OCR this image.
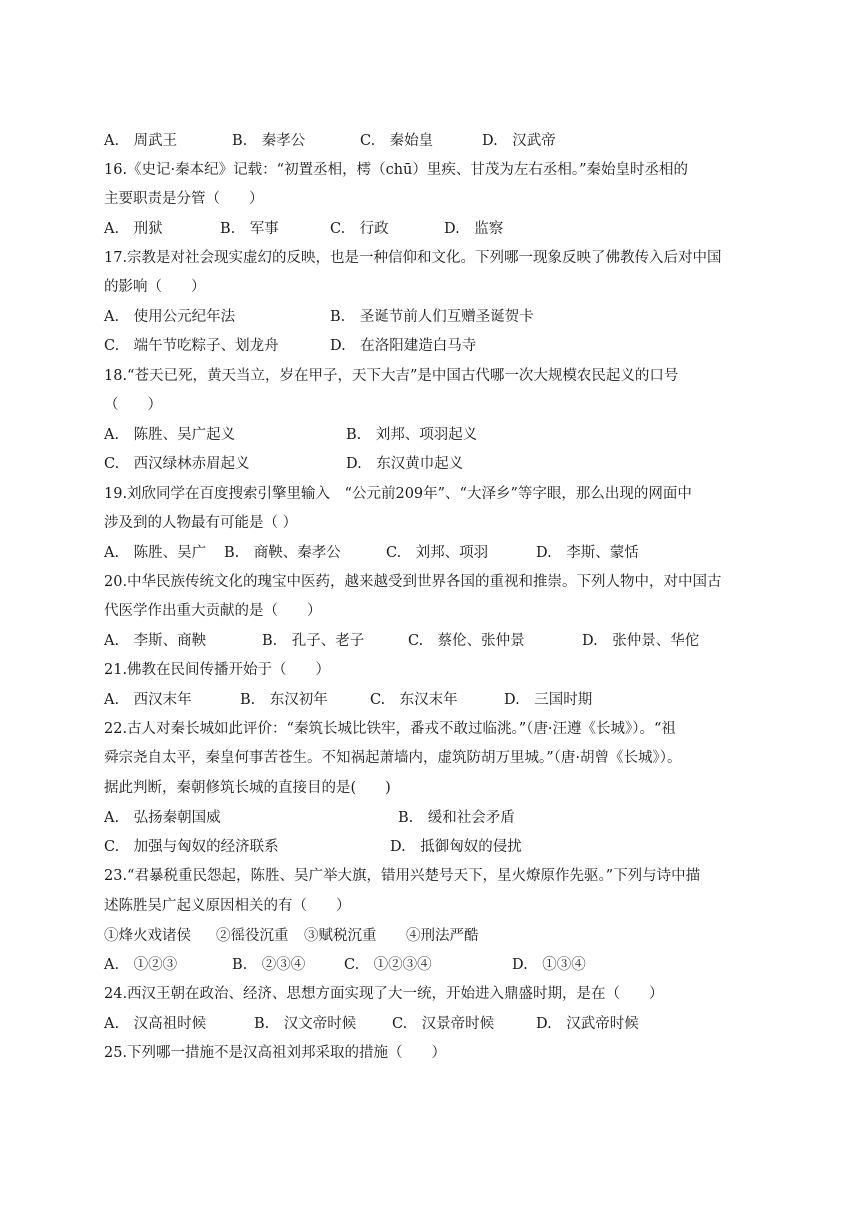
A.　周武王	B.　秦孝公	C.　秦始皇	D.　汉武帝
16.《史记·秦本纪》记载：“初置丞相，樗（chū）里疾、甘茂为左右丞相。”秦始皇时丞相的
主要职责是分管（　　）
A.　刑狱	B.　军事	C.　行政	D.　监察
17.宗教是对社会现实虚幻的反映，也是一种信仰和文化。下列哪一现象反映了佛教传入后对中国
的影响（　　）
A.　使用公元纪年法	B.　圣诞节前人们互赠圣诞贺卡
C.　端午节吃粽子、划龙舟	D.　在洛阳建造白马寺
18.“苍天已死，黄天当立，岁在甲子，天下大吉”是中国古代哪一次大规模农民起义的口号
（　　）
A.　陈胜、吴广起义	B.　刘邦、项羽起义
C.　西汉绿林赤眉起义	D.　东汉黄巾起义
19.刘欣同学在百度搜索引擎里输入　“公元前209年”、“大泽乡”等字眼，那么出现的网面中
涉及到的人物最有可能是（ ）
A.　陈胜、吴广 B.　商鞅、秦孝公	C.　刘邦、项羽	D.　李斯、蒙恬
20.中华民族传统文化的瑰宝中医药，越来越受到世界各国的重视和推崇。下列人物中，对中国古
代医学作出重大贡献的是（　　）
A.　李斯、商鞅	B.　孔子、老子	C.　蔡伦、张仲景	D.　张仲景、华佗
21.佛教在民间传播开始于（　　）
A.　西汉末年	B.　东汉初年	C.　东汉末年	D.　三国时期
22.古人对秦长城如此评价：“秦筑长城比铁牢，番戎不敢过临洮。”（唐·汪遵《长城》）。“祖
舜宗尧自太平，秦皇何事苦苍生。不知祸起萧墙内，虚筑防胡万里城。”（唐·胡曾《长城》）。
据此判断，秦朝修筑长城的直接目的是(　　)
A.　弘扬秦朝国威	B.　缓和社会矛盾
C.　加强与匈奴的经济联系	D.　抵御匈奴的侵扰
23.“君暴税重民怨起，陈胜、吴广举大旗，错用兴楚号天下，星火燎原作先驱。”下列与诗中描
述陈胜吴广起义原因相关的有（　　）
①烽火戏诸侯 ②徭役沉重 ③赋税沉重 ④刑法严酷
A.　①②③	B.　②③④	C.　①②③④	D.　①③④
24.西汉王朝在政治、经济、思想方面实现了大一统，开始进入鼎盛时期，是在（　　）
A.　汉高祖时候	B.　汉文帝时候 C.　汉景帝时候	D.　汉武帝时候
25.下列哪一措施不是汉高祖刘邦采取的措施（　　）
